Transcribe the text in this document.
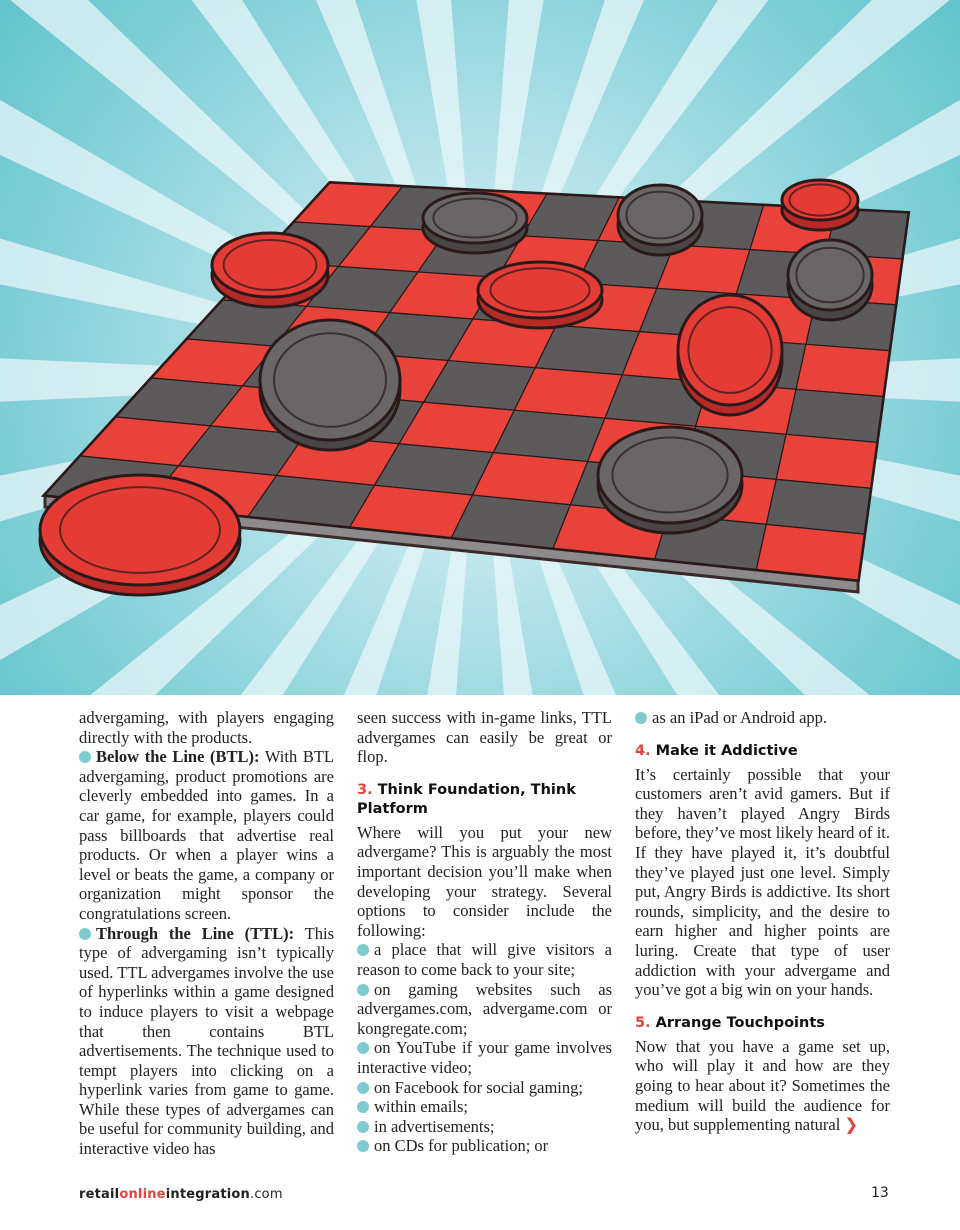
advergaming, with players engaging directly with the products.

Below the Line (BTL): With BTL advergaming, product promotions are cleverly embedded into games. In a car game, for example, players could pass billboards that advertise real products. Or when a player wins a level or beats the game, a company or organization might sponsor the congratulations screen.

Through the Line (TTL): This type of advergaming isn’t typically used. TTL advergames involve the use of hyperlinks within a game designed to induce players to visit a webpage that then contains BTL advertisements. The technique used to tempt players into clicking on a hyperlink varies from game to game. While these types of advergames can be useful for community building, and interactive video has

seen success with in-game links, TTL advergames can easily be great or flop.

3. Think Foundation, Think Platform

Where will you put your new advergame? This is arguably the most important decision you’ll make when developing your strategy. Several options to consider include the following:

a place that will give visitors a reason to come back to your site;

on gaming websites such as advergames.com, advergame.com or kongregate.com;

on YouTube if your game involves interactive video;

on Facebook for social gaming;

within emails;

in advertisements;

on CDs for publication; or

as an iPad or Android app.

4. Make it Addictive

It’s certainly possible that your customers aren’t avid gamers. But if they haven’t played Angry Birds before, they’ve most likely heard of it. If they have played it, it’s doubtful they’ve played just one level. Simply put, Angry Birds is addictive. Its short rounds, simplicity, and the desire to earn higher and higher points are luring. Create that type of user addiction with your advergame and you’ve got a big win on your hands.

5. Arrange Touchpoints

Now that you have a game set up, who will play it and how are they going to hear about it? Sometimes the medium will build the audience for you, but supplementing natural ❯

retailonlineintegration.com	13
